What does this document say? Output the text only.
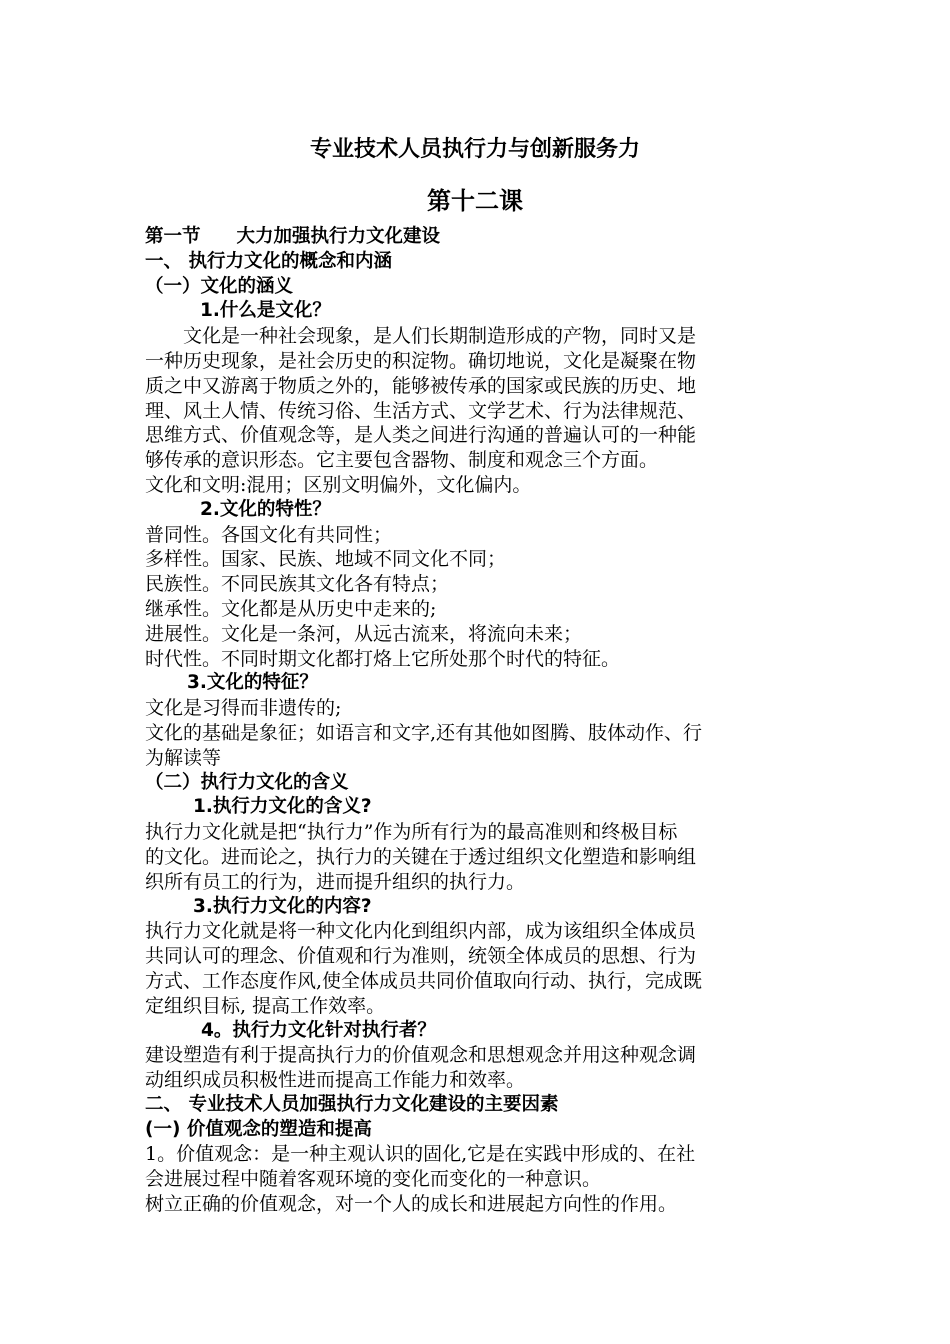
专业技术人员执行力与创新服务力
第十二课
第一节 大力加强执行力文化建设
一、 执行力文化的概念和内涵
（一）文化的涵义
1.什么是文化？
　　文化是一种社会现象，是人们长期制造形成的产物，同时又是
一种历史现象，是社会历史的积淀物。确切地说，文化是凝聚在物
质之中又游离于物质之外的，能够被传承的国家或民族的历史、地
理、风土人情、传统习俗、生活方式、文学艺术、行为法律规范、
思维方式、价值观念等，是人类之间进行沟通的普遍认可的一种能
够传承的意识形态。它主要包含器物、制度和观念三个方面。
文化和文明:混用；区别文明偏外，文化偏内。
2.文化的特性？
普同性。各国文化有共同性；
多样性。国家、民族、地域不同文化不同；
民族性。不同民族其文化各有特点；
继承性。文化都是从历史中走来的;
进展性。文化是一条河，从远古流来，将流向未来；
时代性。不同时期文化都打烙上它所处那个时代的特征。
3.文化的特征？
文化是习得而非遗传的;
文化的基础是象征；如语言和文字,还有其他如图腾、肢体动作、行
为解读等
（二）执行力文化的含义
1.执行力文化的含义?
执行力文化就是把“执行力”作为所有行为的最高准则和终极目标
的文化。进而论之，执行力的关键在于透过组织文化塑造和影响组
织所有员工的行为，进而提升组织的执行力。
3.执行力文化的内容?
执行力文化就是将一种文化内化到组织内部，成为该组织全体成员
共同认可的理念、价值观和行为准则，统领全体成员的思想、行为
方式、工作态度作风,使全体成员共同价值取向行动、执行，完成既
定组织目标, 提高工作效率。
4。执行力文化针对执行者？
建设塑造有利于提高执行力的价值观念和思想观念并用这种观念调
动组织成员积极性进而提高工作能力和效率。
二、 专业技术人员加强执行力文化建设的主要因素
(一) 价值观念的塑造和提高
1。价值观念：是一种主观认识的固化,它是在实践中形成的、在社
会进展过程中随着客观环境的变化而变化的一种意识。
树立正确的价值观念，对一个人的成长和进展起方向性的作用。
